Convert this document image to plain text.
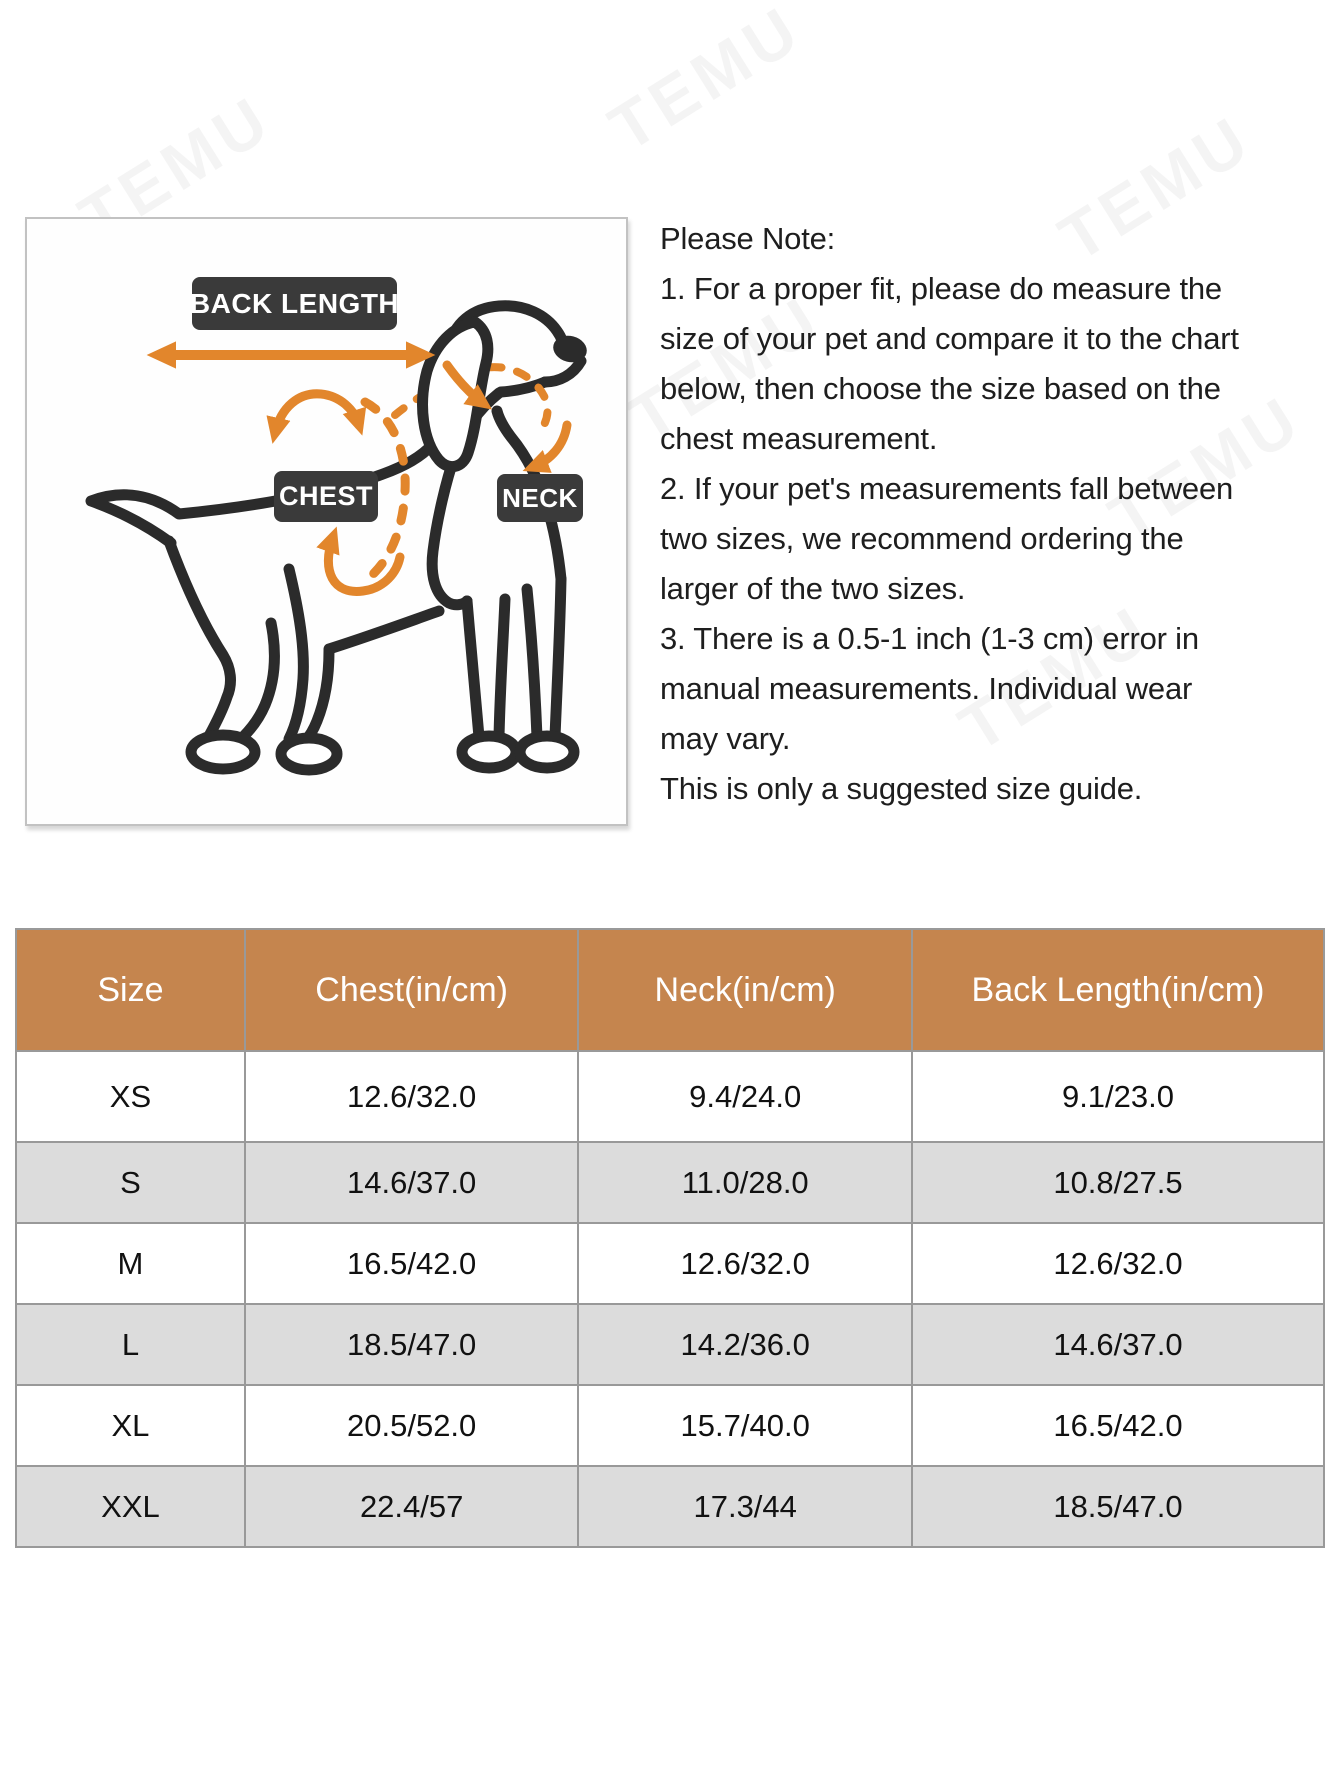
BACK LENGTH
CHEST	NECK
Please Note:
1. For a proper fit, please do measure the
size of your pet and compare it to the chart
below, then choose the size based on the
chest measurement.
2. If your pet's measurements fall between
two sizes, we recommend ordering the
larger of the two sizes.
3. There is a 0.5-1 inch (1-3 cm) error in
manual measurements. Individual wear
may vary.
This is only a suggested size guide.
Size	Chest(in/cm)	Neck(in/cm)	Back Length(in/cm)
XS	12.6/32.0	9.4/24.0	9.1/23.0
S	14.6/37.0	11.0/28.0	10.8/27.5
M	16.5/42.0	12.6/32.0	12.6/32.0
L	18.5/47.0	14.2/36.0	14.6/37.0
XL	20.5/52.0	15.7/40.0	16.5/42.0
XXL	22.4/57	17.3/44	18.5/47.0
